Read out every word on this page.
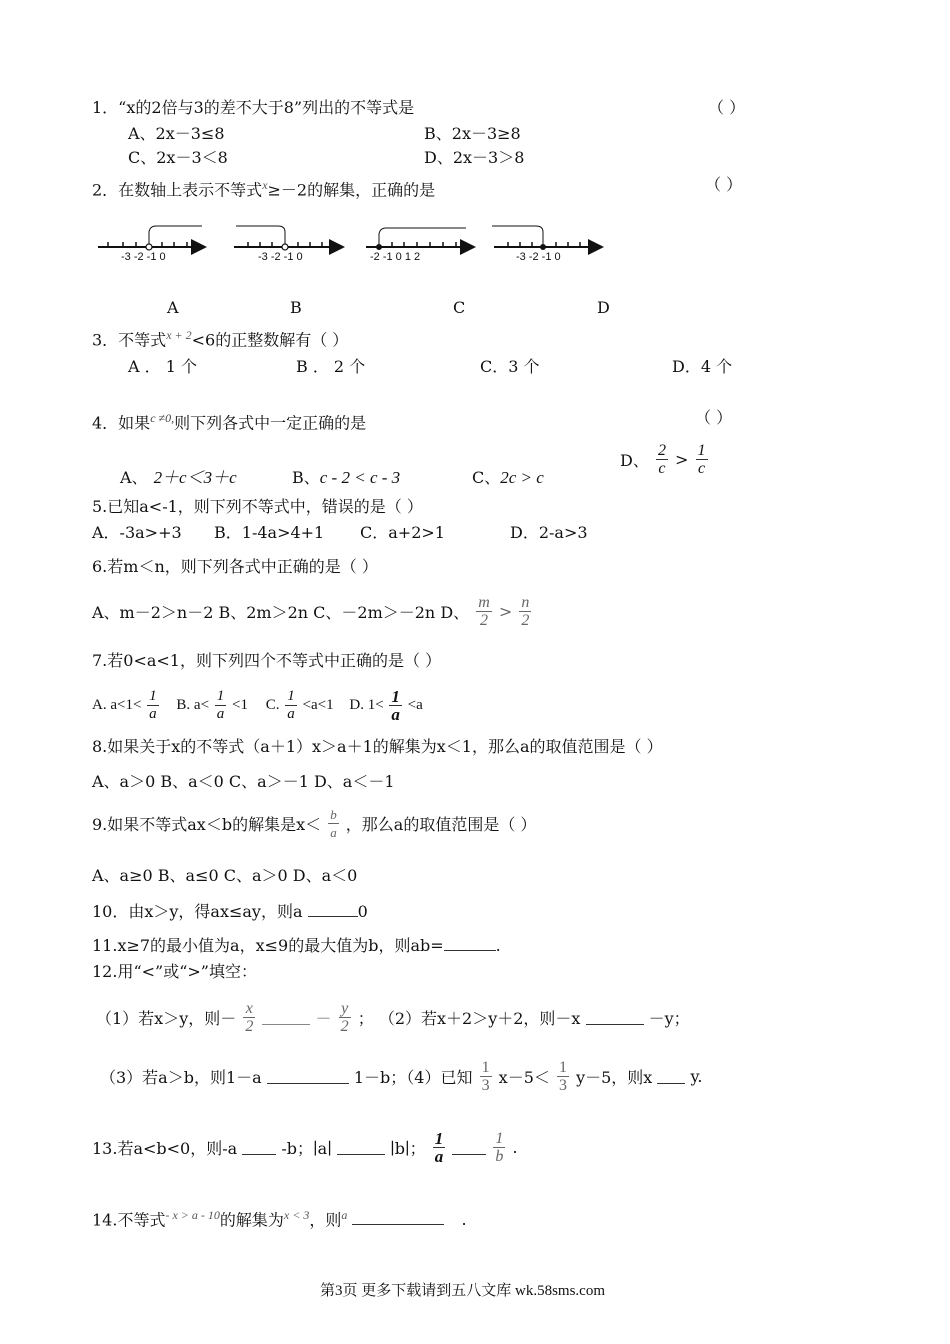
1．“x的2倍与3的差不大于8”列出的不等式是	（ ）
A、2x－3≤8	B、2x－3≥8
C、2x－3＜8	D、2x－3＞8
2．在数轴上表示不等式$^x$≥－2的解集，正确的是	（ ）
-3 -2 -1 0	-3 -2 -1 0	-2 -1 0 1 2	-3 -2 -1 0
A	B	C	D
3．不等式$^{x + 2}$<6的正整数解有（ ）
A ． 1 个	B ． 2 个	C．3 个	D．4 个
4．如果$^{c \ne 0,}$则下列各式中一定正确的是	（ ）
A、 2＋c＜3＋c	B、c - 2 < c - 3	C、2c > c
D、 $\frac{2}{c} > \frac{1}{c}$
5.已知a<-1，则下列不等式中，错误的是（ ）
A．-3a>+3 B．1-4a>4+1 C．a+2>1	D．2-a>3
6.若m＜n，则下列各式中正确的是（ ）
A、m－2＞n－2 B、2m＞2n C、－2m＞－2n D、 $\frac{m}{2} > \frac{n}{2}$
7.若0<a<1，则下列四个不等式中正确的是（ ）
A. $a<1< \frac{1}{a} B$. $a< \frac{1}{a} <1$ C. $\frac{1}{a} <a<1$ D. $1< \frac{1}{a} <a$
8.如果关于x的不等式（a＋1）x＞a＋1的解集为x＜1，那么a的取值范围是（ ）
A、a＞0 B、a＜0 C、a＞－1 D、a＜－1
9.如果不等式ax＜b的解集是$x< \frac{b}{a}$ ，那么a的取值范围是（ ）
A、a≥0 B、a≤0 C、a＞0 D、a＜0
10．由x＞y，得ax≤ay，则a	0
11.x≥7的最小值为a，x≤9的最大值为b，则ab=	.
12.用“<”或“>”填空：
（1）若x＞y，则－ $\frac{x}{2}$	－ $\frac{y}{2}$ ； （2）若x＋2＞y＋2，则－x	－y；
（3）若a＞b，则1－a	1－b；（4）已知 $\frac{1}{3} x-5< \frac{1}{3} y-5$，则x y.
13.若a<b<0，则-a	-b；∣a∣	∣b∣； $\frac{1}{a}$
	$\frac{1}{b}$ .
14.不等式$^{- x > a - 10}$的解集为$^{x < 3}$，则$^a$	.
第3页 更多下载请到五八文库 wk.58sms.com
